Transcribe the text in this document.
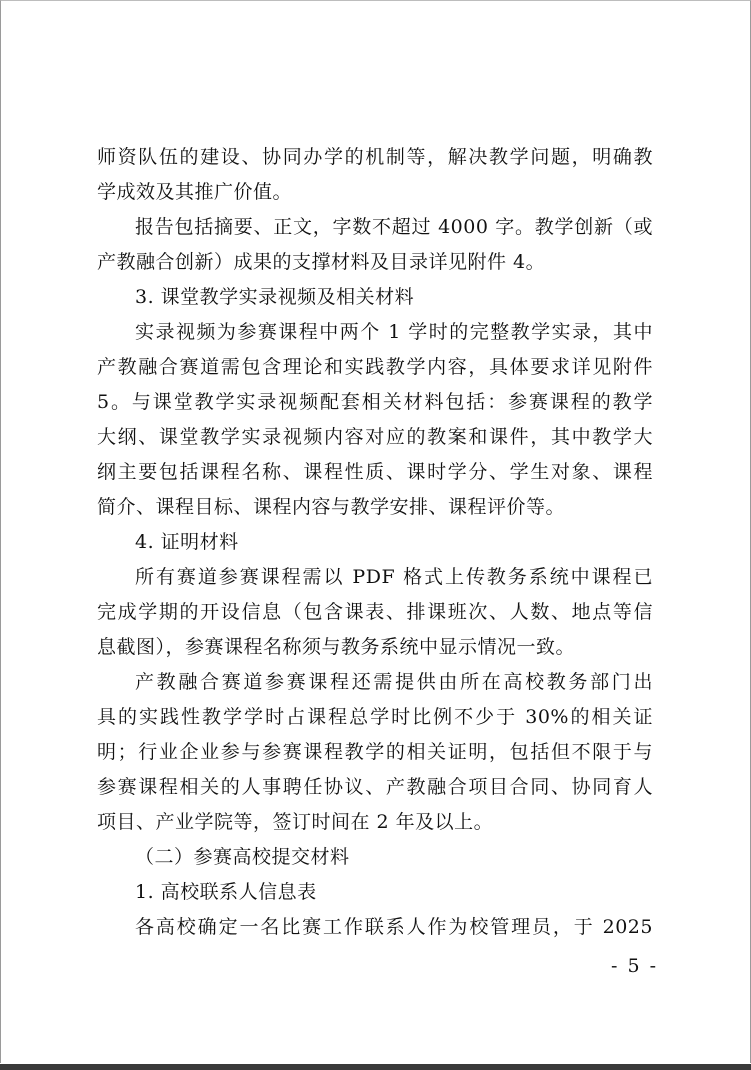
师资队伍的建设、协同办学的机制等，解决教学问题，明确教
学成效及其推广价值。
报告包括摘要、正文，字数不超过 4000 字。教学创新（或
产教融合创新）成果的支撑材料及目录详见附件 4。
3. 课堂教学实录视频及相关材料
实录视频为参赛课程中两个 1 学时的完整教学实录，其中
产教融合赛道需包含理论和实践教学内容，具体要求详见附件
5。与课堂教学实录视频配套相关材料包括：参赛课程的教学
大纲、课堂教学实录视频内容对应的教案和课件，其中教学大
纲主要包括课程名称、课程性质、课时学分、学生对象、课程
简介、课程目标、课程内容与教学安排、课程评价等。
4. 证明材料
所有赛道参赛课程需以 PDF 格式上传教务系统中课程已
完成学期的开设信息（包含课表、排课班次、人数、地点等信
息截图），参赛课程名称须与教务系统中显示情况一致。
产教融合赛道参赛课程还需提供由所在高校教务部门出
具的实践性教学学时占课程总学时比例不少于 30%的相关证
明；行业企业参与参赛课程教学的相关证明，包括但不限于与
参赛课程相关的人事聘任协议、产教融合项目合同、协同育人
项目、产业学院等，签订时间在 2 年及以上。
（二）参赛高校提交材料
1. 高校联系人信息表
各高校确定一名比赛工作联系人作为校管理员，于 2025
- 5 -
